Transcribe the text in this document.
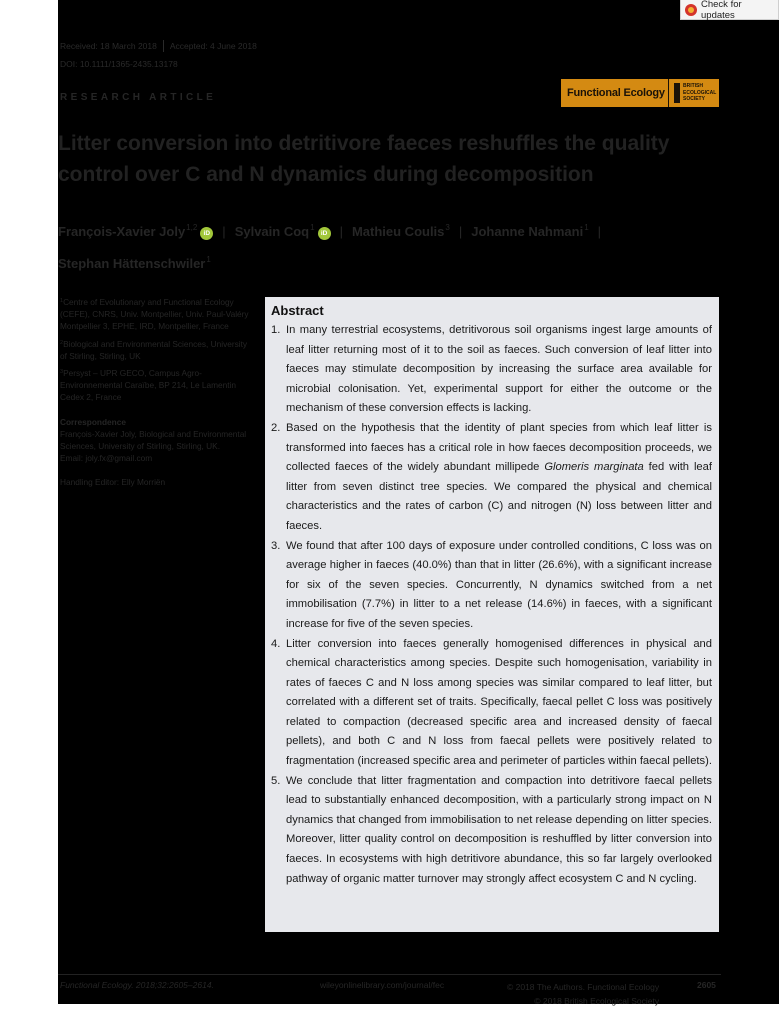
Check for updates
Received: 18 March 2018 Accepted: 4 June 2018
DOI: 10.1111/1365-2435.13178
RESEARCH ARTICLE	Functional Ecology
BRITISH
ECOLOGICAL
SOCIETY
Litter conversion into detritivore faeces reshuffles the quality control over C and N dynamics during decomposition
François-Xavier Joly$^{1,2}$iD | Sylvain Coq$^1$iD | Mathieu Coulis$^3$ | Johanne Nahmani$^1$ |
Stephan Hättenschwiler$^1$
$^1$Centre of Evolutionary and Functional Ecology (CEFE), CNRS, Univ. Montpellier, Univ. Paul-Valéry Montpellier 3, EPHE, IRD, Montpellier, France
$^2$Biological and Environmental Sciences, University of Stirling, Stirling, UK
$^3$Persyst – UPR GECO, Campus Agro-Environnemental Caraïbe, BP 214, Le Lamentin Cedex 2, France
Correspondence
François-Xavier Joly, Biological and Environmental Sciences, University of Stirling, Stirling, UK.
Email: joly.fx@gmail.com
Handling Editor: Elly Morriën
Abstract
1. In many terrestrial ecosystems, detritivorous soil organisms ingest large amounts of leaf litter returning most of it to the soil as faeces. Such conversion of leaf litter into faeces may stimulate decomposition by increasing the surface area available for microbial colonisation. Yet, experimental support for either the outcome or the mechanism of these conversion effects is lacking.
2. Based on the hypothesis that the identity of plant species from which leaf litter is transformed into faeces has a critical role in how faeces decomposition proceeds, we collected faeces of the widely abundant millipede Glomeris marginata fed with leaf litter from seven distinct tree species. We compared the physical and chemical characteristics and the rates of carbon (C) and nitrogen (N) loss between litter and faeces.
3. We found that after 100 days of exposure under controlled conditions, C loss was on average higher in faeces (40.0%) than that in litter (26.6%), with a significant increase for six of the seven species. Concurrently, N dynamics switched from a net immobilisation (7.7%) in litter to a net release (14.6%) in faeces, with a significant increase for five of the seven species.
4. Litter conversion into faeces generally homogenised differences in physical and chemical characteristics among species. Despite such homogenisation, variability in rates of faeces C and N loss among species was similar compared to leaf litter, but correlated with a different set of traits. Specifically, faecal pellet C loss was positively related to compaction (decreased specific area and increased density of faecal pellets), and both C and N loss from faecal pellets were positively related to fragmentation (increased specific area and perimeter of particles within faecal pellets).
5. We conclude that litter fragmentation and compaction into detritivore faecal pellets lead to substantially enhanced decomposition, with a particularly strong impact on N dynamics that changed from immobilisation to net release depending on litter species. Moreover, litter quality control on decomposition is reshuffled by litter conversion into faeces. In ecosystems with high detritivore abundance, this so far largely overlooked pathway of organic matter turnover may strongly affect ecosystem C and N cycling.
Functional Ecology. 2018;32:2605–2614.	wileyonlinelibrary.com/journal/fec	© 2018 The Authors. Functional Ecology
© 2018 British Ecological Society
2605
